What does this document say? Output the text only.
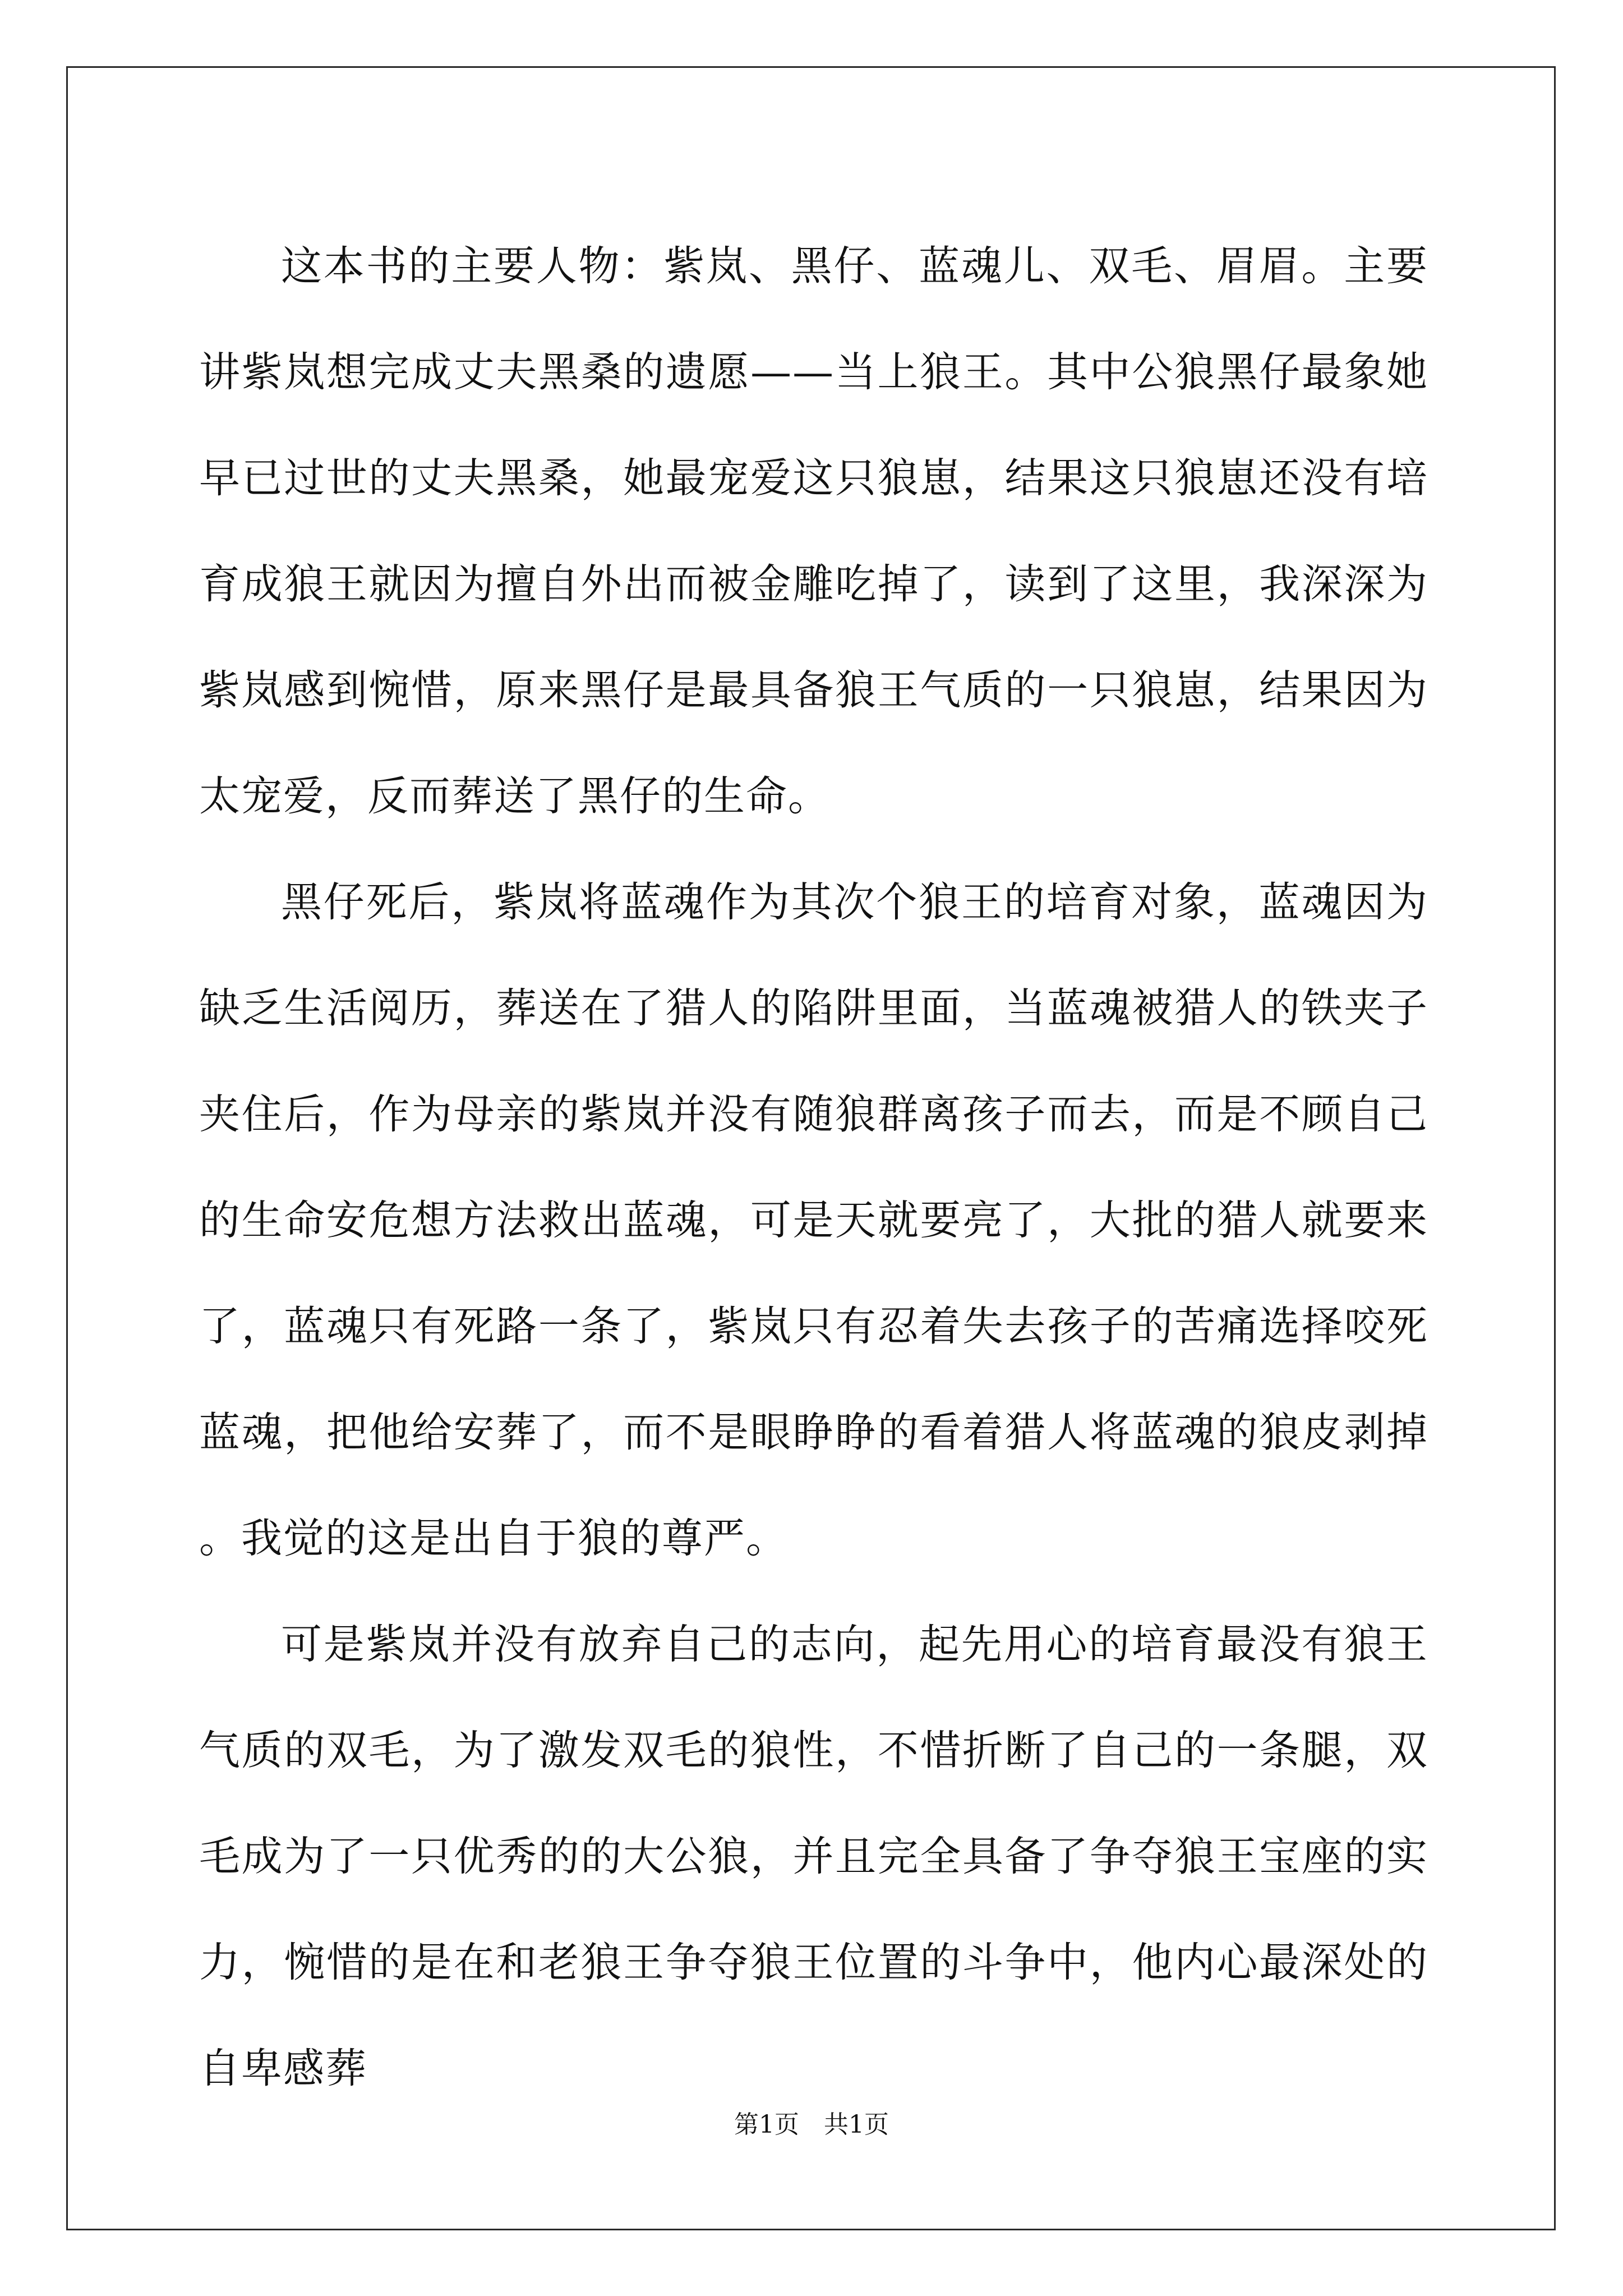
这本书的主要人物：紫岚、黑仔、蓝魂儿、双毛、眉眉。主要讲紫岚想完成丈夫黑桑的遗愿——当上狼王。其中公狼黑仔最象她早已过世的丈夫黑桑，她最宠爱这只狼崽，结果这只狼崽还没有培育成狼王就因为擅自外出而被金雕吃掉了，读到了这里，我深深为紫岚感到惋惜，原来黑仔是最具备狼王气质的一只狼崽，结果因为太宠爱，反而葬送了黑仔的生命。

黑仔死后，紫岚将蓝魂作为其次个狼王的培育对象，蓝魂因为缺乏生活阅历，葬送在了猎人的陷阱里面，当蓝魂被猎人的铁夹子夹住后，作为母亲的紫岚并没有随狼群离孩子而去，而是不顾自己的生命安危想方法救出蓝魂，可是天就要亮了，大批的猎人就要来了，蓝魂只有死路一条了，紫岚只有忍着失去孩子的苦痛选择咬死蓝魂，把他给安葬了，而不是眼睁睁的看着猎人将蓝魂的狼皮剥掉。我觉的这是出自于狼的尊严。

可是紫岚并没有放弃自己的志向，起先用心的培育最没有狼王气质的双毛，为了激发双毛的狼性，不惜折断了自己的一条腿，双毛成为了一只优秀的的大公狼，并且完全具备了争夺狼王宝座的实力，惋惜的是在和老狼王争夺狼王位置的斗争中，他内心最深处的自卑感葬

第1页　共1页
